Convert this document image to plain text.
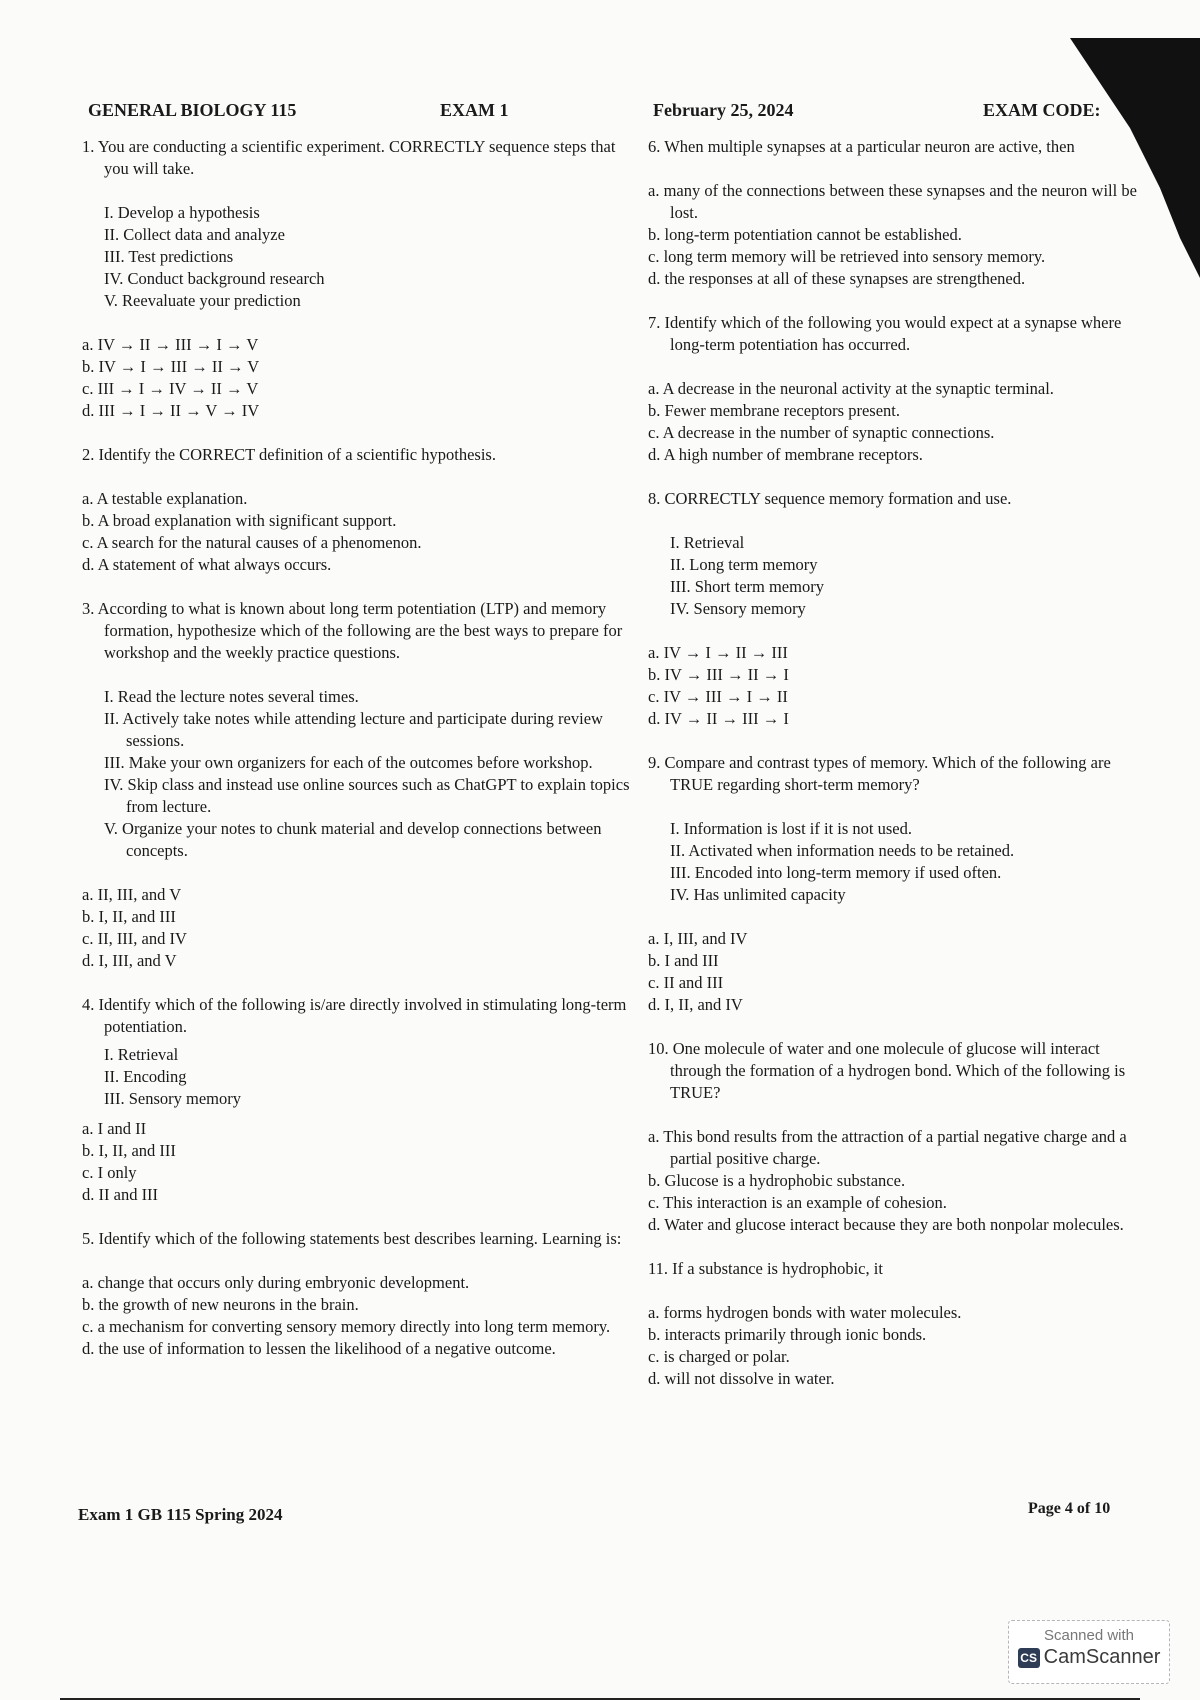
GENERAL BIOLOGY 115	EXAM 1	February 25, 2024	EXAM CODE:
1. You are conducting a scientific experiment. CORRECTLY sequence steps that you will take.
I. Develop a hypothesis
II. Collect data and analyze
III. Test predictions
IV. Conduct background research
V. Reevaluate your prediction
a. IV → II → III → I → V
b. IV → I → III → II → V
c. III → I → IV → II → V
d. III → I → II → V → IV
2. Identify the CORRECT definition of a scientific hypothesis.
a. A testable explanation.
b. A broad explanation with significant support.
c. A search for the natural causes of a phenomenon.
d. A statement of what always occurs.
3. According to what is known about long term potentiation (LTP) and memory formation, hypothesize which of the following are the best ways to prepare for workshop and the weekly practice questions.
I. Read the lecture notes several times.
II. Actively take notes while attending lecture and participate during review sessions.
III. Make your own organizers for each of the outcomes before workshop.
IV. Skip class and instead use online sources such as ChatGPT to explain topics from lecture.
V. Organize your notes to chunk material and develop connections between concepts.
a. II, III, and V
b. I, II, and III
c. II, III, and IV
d. I, III, and V
4. Identify which of the following is/are directly involved in stimulating long-term potentiation.
I. Retrieval
II. Encoding
III. Sensory memory
a. I and II
b. I, II, and III
c. I only
d. II and III
5. Identify which of the following statements best describes learning. Learning is:
a. change that occurs only during embryonic development.
b. the growth of new neurons in the brain.
c. a mechanism for converting sensory memory directly into long term memory.
d. the use of information to lessen the likelihood of a negative outcome.
6. When multiple synapses at a particular neuron are active, then
a. many of the connections between these synapses and the neuron will be lost.
b. long-term potentiation cannot be established.
c. long term memory will be retrieved into sensory memory.
d. the responses at all of these synapses are strengthened.
7. Identify which of the following you would expect at a synapse where long-term potentiation has occurred.
a. A decrease in the neuronal activity at the synaptic terminal.
b. Fewer membrane receptors present.
c. A decrease in the number of synaptic connections.
d. A high number of membrane receptors.
8. CORRECTLY sequence memory formation and use.
I. Retrieval
II. Long term memory
III. Short term memory
IV. Sensory memory
a. IV → I → II → III
b. IV → III → II → I
c. IV → III → I → II
d. IV → II → III → I
9. Compare and contrast types of memory. Which of the following are TRUE regarding short-term memory?
I. Information is lost if it is not used.
II. Activated when information needs to be retained.
III. Encoded into long-term memory if used often.
IV. Has unlimited capacity
a. I, III, and IV
b. I and III
c. II and III
d. I, II, and IV
10. One molecule of water and one molecule of glucose will interact through the formation of a hydrogen bond. Which of the following is TRUE?
a. This bond results from the attraction of a partial negative charge and a partial positive charge.
b. Glucose is a hydrophobic substance.
c. This interaction is an example of cohesion.
d. Water and glucose interact because they are both nonpolar molecules.
11. If a substance is hydrophobic, it
a. forms hydrogen bonds with water molecules.
b. interacts primarily through ionic bonds.
c. is charged or polar.
d. will not dissolve in water.
Exam 1 GB 115 Spring 2024	Page 4 of 10
Scanned with
CS CamScanner
